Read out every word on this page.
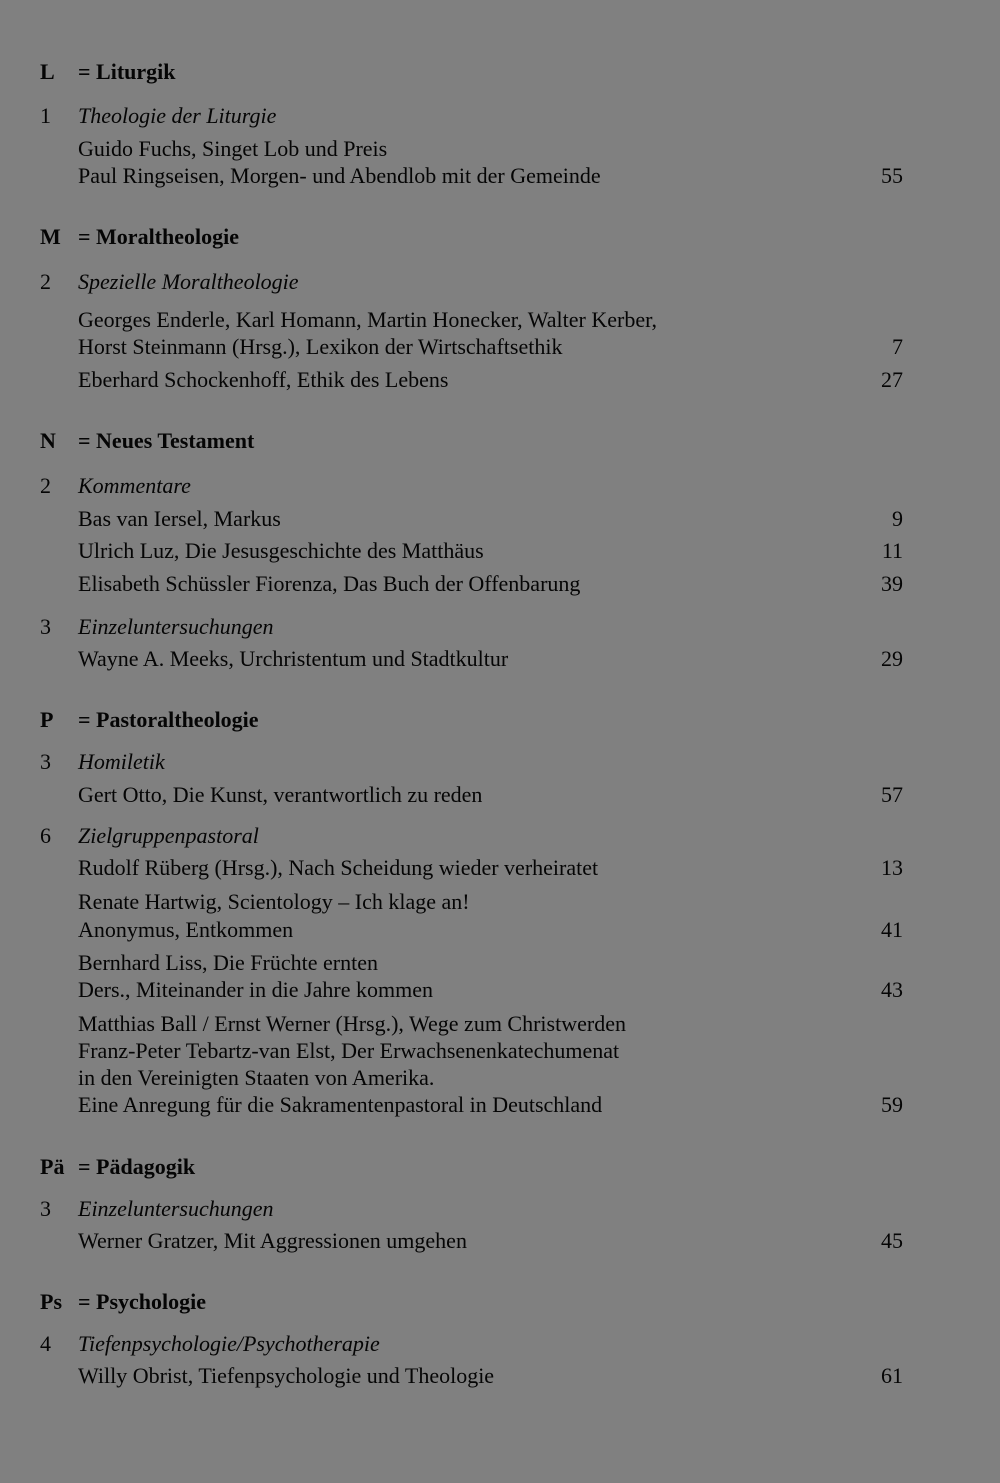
L = Liturgik
1 Theologie der Liturgie
Guido Fuchs, Singet Lob und Preis
Paul Ringseisen, Morgen- und Abendlob mit der Gemeinde	55
M = Moraltheologie
2 Spezielle Moraltheologie
Georges Enderle, Karl Homann, Martin Honecker, Walter Kerber,
Horst Steinmann (Hrsg.), Lexikon der Wirtschaftsethik	7
Eberhard Schockenhoff, Ethik des Lebens	27
N = Neues Testament
2 Kommentare
Bas van Iersel, Markus	9
Ulrich Luz, Die Jesusgeschichte des Matthäus	11
Elisabeth Schüssler Fiorenza, Das Buch der Offenbarung	39
3 Einzeluntersuchungen
Wayne A. Meeks, Urchristentum und Stadtkultur	29
P = Pastoraltheologie
3 Homiletik
Gert Otto, Die Kunst, verantwortlich zu reden	57
6 Zielgruppenpastoral
Rudolf Rüberg (Hrsg.), Nach Scheidung wieder verheiratet	13
Renate Hartwig, Scientology – Ich klage an!
Anonymus, Entkommen	41
Bernhard Liss, Die Früchte ernten
Ders., Miteinander in die Jahre kommen	43
Matthias Ball / Ernst Werner (Hrsg.), Wege zum Christwerden
Franz-Peter Tebartz-van Elst, Der Erwachsenenkatechumenat
in den Vereinigten Staaten von Amerika.
Eine Anregung für die Sakramentenpastoral in Deutschland	59
Pä = Pädagogik
3 Einzeluntersuchungen
Werner Gratzer, Mit Aggressionen umgehen	45
Ps = Psychologie
4 Tiefenpsychologie/Psychotherapie
Willy Obrist, Tiefenpsychologie und Theologie	61
